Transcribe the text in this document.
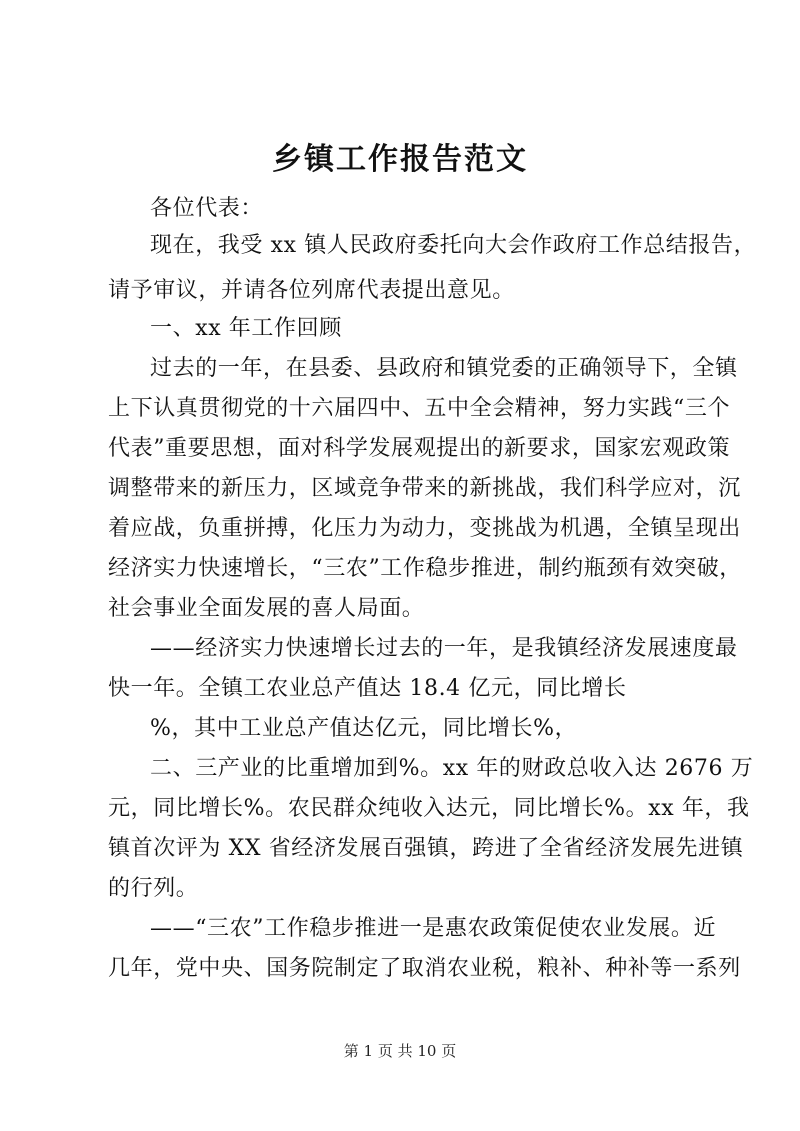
乡镇工作报告范文
各位代表：
现在，我受 xx 镇人民政府委托向大会作政府工作总结报告，
请予审议，并请各位列席代表提出意见。
一、xx 年工作回顾
过去的一年，在县委、县政府和镇党委的正确领导下，全镇
上下认真贯彻党的十六届四中、五中全会精神，努力实践“三个
代表”重要思想，面对科学发展观提出的新要求，国家宏观政策
调整带来的新压力，区域竞争带来的新挑战，我们科学应对，沉
着应战，负重拼搏，化压力为动力，变挑战为机遇，全镇呈现出
经济实力快速增长，“三农”工作稳步推进，制约瓶颈有效突破，
社会事业全面发展的喜人局面。
——经济实力快速增长过去的一年，是我镇经济发展速度最
快一年。全镇工农业总产值达 18.4 亿元，同比增长
%，其中工业总产值达亿元，同比增长%，
二、三产业的比重增加到%。xx 年的财政总收入达 2676 万
元，同比增长%。农民群众纯收入达元，同比增长%。xx 年，我
镇首次评为 XX 省经济发展百强镇，跨进了全省经济发展先进镇
的行列。
——“三农”工作稳步推进一是惠农政策促使农业发展。近
几年，党中央、国务院制定了取消农业税，粮补、种补等一系列
第 1 页 共 10 页
